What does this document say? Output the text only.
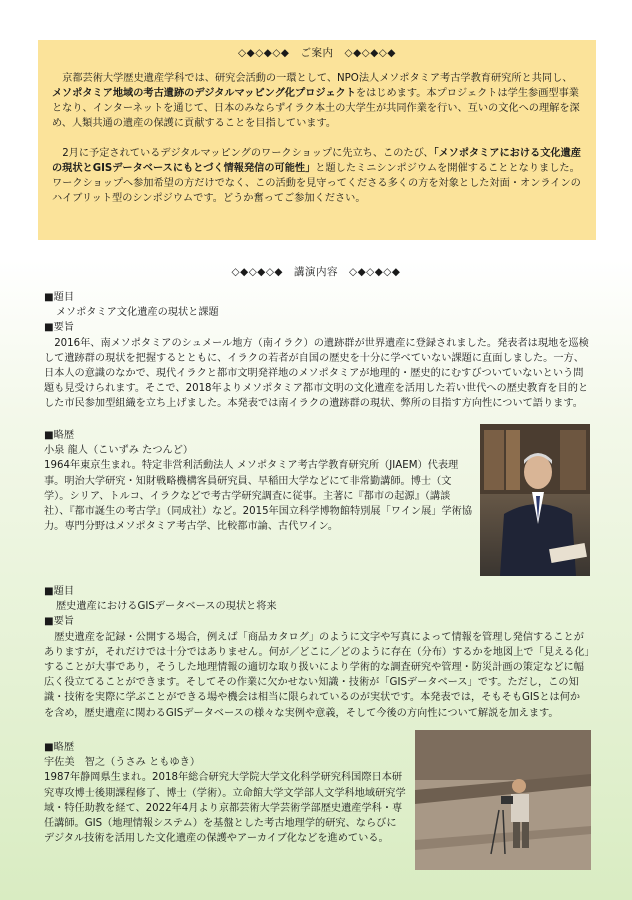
◇◆◇◆◇◆　ご案内　◇◆◇◆◇◆

京都芸術大学歴史遺産学科では、研究会活動の一環として、NPO法人メソポタミア考古学教育研究所と共同し、メソポタミア地域の考古遺跡のデジタルマッピング化プロジェクトをはじめます。本プロジェクトは学生参画型事業となり、インターネットを通じて、日本のみならずイラク本土の大学生が共同作業を行い、互いの文化への理解を深め、人類共通の遺産の保護に貢献することを目指しています。

2月に予定されているデジタルマッピングのワークショップに先立ち、このたび、「メソポタミアにおける文化遺産の現状とGISデータベースにもとづく情報発信の可能性」と題したミニシンポジウムを開催することとなりました。ワークショップへ参加希望の方だけでなく、この活動を見守ってくださる多くの方を対象とした対面・オンラインのハイブリット型のシンポジウムです。どうか奮ってご参加ください。

◇◆◇◆◇◆　講演内容　◇◆◇◆◇◆
■題目
メソポタミア文化遺産の現状と課題
■要旨
2016年、南メソポタミアのシュメール地方（南イラク）の遺跡群が世界遺産に登録されました。発表者は現地を巡検して遺跡群の現状を把握するとともに、イラクの若者が自国の歴史を十分に学べていない課題に直面しました。一方、日本人の意識のなかで、現代イラクと都市文明発祥地のメソポタミアが地理的・歴史的にむすびついていないという問題も見受けられます。そこで、2018年よりメソポタミア都市文明の文化遺産を活用した若い世代への歴史教育を目的とした市民参加型組織を立ち上げました。本発表では南イラクの遺跡群の現状、弊所の目指す方向性について語ります。
■略歴
小泉 龍人（こいずみ たつんど）
1964年東京生まれ。特定非営利活動法人 メソポタミア考古学教育研究所（JIAEM）代表理事。明治大学研究・知財戦略機構客員研究員、早稲田大学などにて非常勤講師。博士（文学）。シリア、トルコ、イラクなどで考古学研究調査に従事。主著に『都市の起源』（講談社）、『都市誕生の考古学』（同成社）など。2015年国立科学博物館特別展「ワイン展」学術協力。専門分野はメソポタミア考古学、比較都市論、古代ワイン。
■題目
歴史遺産におけるGISデータベースの現状と将来
■要旨
歴史遺産を記録・公開する場合，例えば「商品カタログ」のように文字や写真によって情報を管理し発信することがありますが，それだけでは十分ではありません。何が／どこに／どのように存在（分布）するかを地図上で「見える化」することが大事であり，そうした地理情報の適切な取り扱いにより学術的な調査研究や管理・防災計画の策定などに幅広く役立てることができます。そしてその作業に欠かせない知識・技術が「GISデータベース」です。ただし，この知識・技術を実際に学ぶことができる場や機会は相当に限られているのが実状です。本発表では，そもそもGISとは何かを含め，歴史遺産に関わるGISデータベースの様々な実例や意義，そして今後の方向性について解説を加えます。
■略歴
宇佐美　智之（うさみ ともゆき）
1987年静岡県生まれ。2018年総合研究大学院大学文化科学研究科国際日本研究専攻博士後期課程修了、博士（学術）。立命館大学文学部人文学科地域研究学域・特任助教を経て、2022年4月より京都芸術大学芸術学部歴史遺産学科・専任講師。GIS（地理情報システム）を基盤とした考古地理学的研究、ならびにデジタル技術を活用した文化遺産の保護やアーカイブ化などを進めている。
